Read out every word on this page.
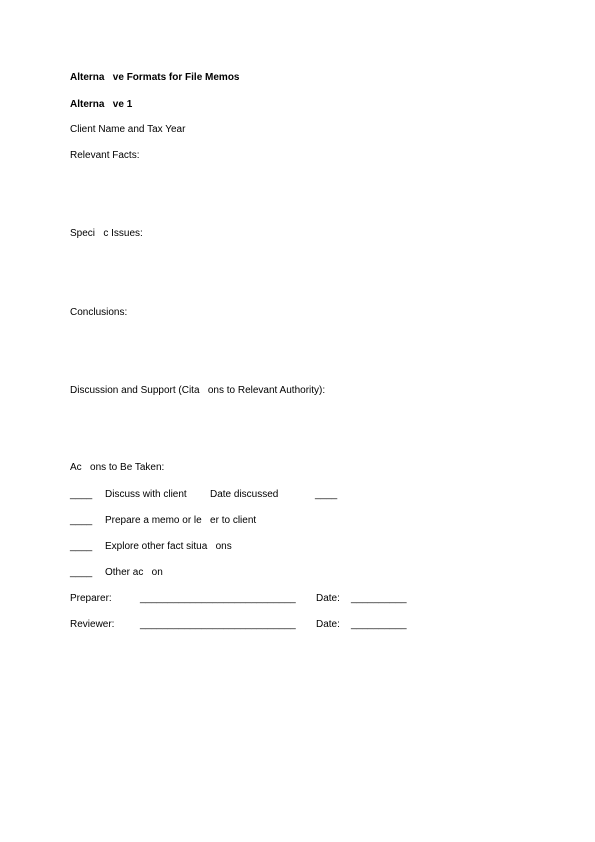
Alterna   ve Formats for File Memos
Alterna   ve 1
Client Name and Tax Year
Relevant Facts:
Speci   c Issues:
Conclusions:
Discussion and Support (Cita   ons to Relevant Authority):
Ac   ons to Be Taken:
____ Discuss with client Date discussed	____
____ Prepare a memo or le   er to client
____ Explore other fact situa   ons
____ Other ac   on
Preparer:	____________________________ Date: __________
Reviewer:	____________________________ Date: __________
